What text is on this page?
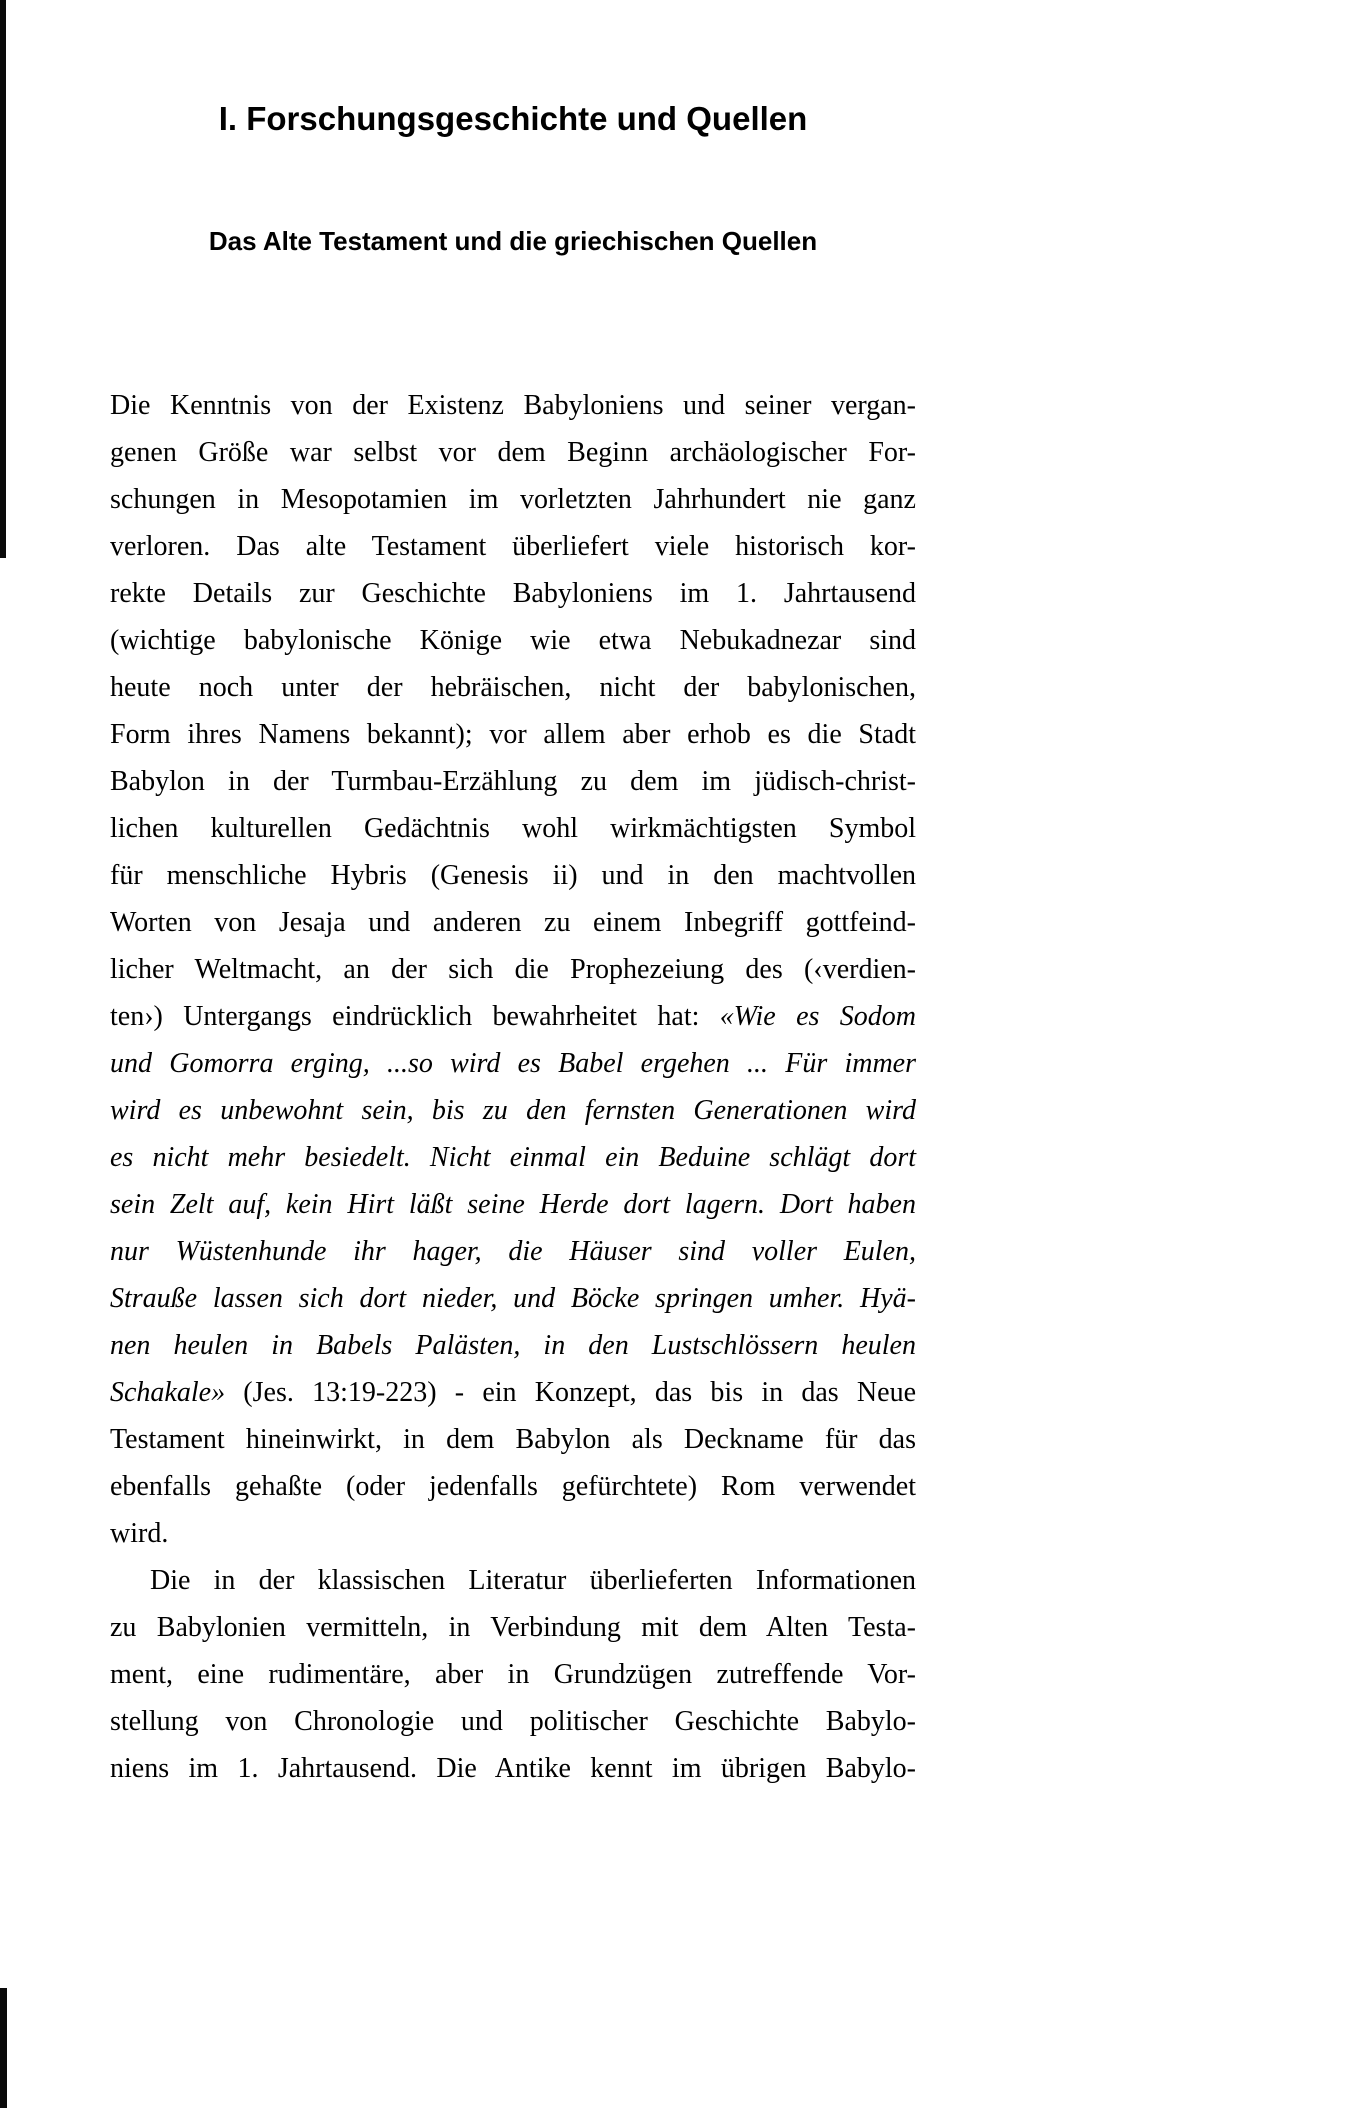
I. Forschungsgeschichte und Quellen
Das Alte Testament und die griechischen Quellen
Die Kenntnis von der Existenz Babyloniens und seiner vergan-
genen Größe war selbst vor dem Beginn archäologischer For-
schungen in Mesopotamien im vorletzten Jahrhundert nie ganz
verloren. Das alte Testament überliefert viele historisch kor-
rekte Details zur Geschichte Babyloniens im 1. Jahrtausend
(wichtige babylonische Könige wie etwa Nebukadnezar sind
heute noch unter der hebräischen, nicht der babylonischen,
Form ihres Namens bekannt); vor allem aber erhob es die Stadt
Babylon in der Turmbau-Erzählung zu dem im jüdisch-christ-
lichen kulturellen Gedächtnis wohl wirkmächtigsten Symbol
für menschliche Hybris (Genesis ii) und in den machtvollen
Worten von Jesaja und anderen zu einem Inbegriff gottfeind-
licher Weltmacht, an der sich die Prophezeiung des (‹verdien-
ten›) Untergangs eindrücklich bewahrheitet hat: «Wie es Sodom
und Gomorra erging, ...so wird es Babel ergehen ... Für immer
wird es unbewohnt sein, bis zu den fernsten Generationen wird
es nicht mehr besiedelt. Nicht einmal ein Beduine schlägt dort
sein Zelt auf, kein Hirt läßt seine Herde dort lagern. Dort haben
nur Wüstenhunde ihr hager, die Häuser sind voller Eulen,
Strauße lassen sich dort nieder, und Böcke springen umher. Hyä-
nen heulen in Babels Palästen, in den Lustschlössern heulen
Schakale» (Jes. 13:19-223) - ein Konzept, das bis in das Neue
Testament hineinwirkt, in dem Babylon als Deckname für das
ebenfalls gehaßte (oder jedenfalls gefürchtete) Rom verwendet
wird.
Die in der klassischen Literatur überlieferten Informationen
zu Babylonien vermitteln, in Verbindung mit dem Alten Testa-
ment, eine rudimentäre, aber in Grundzügen zutreffende Vor-
stellung von Chronologie und politischer Geschichte Babylo-
niens im 1. Jahrtausend. Die Antike kennt im übrigen Babylo-
